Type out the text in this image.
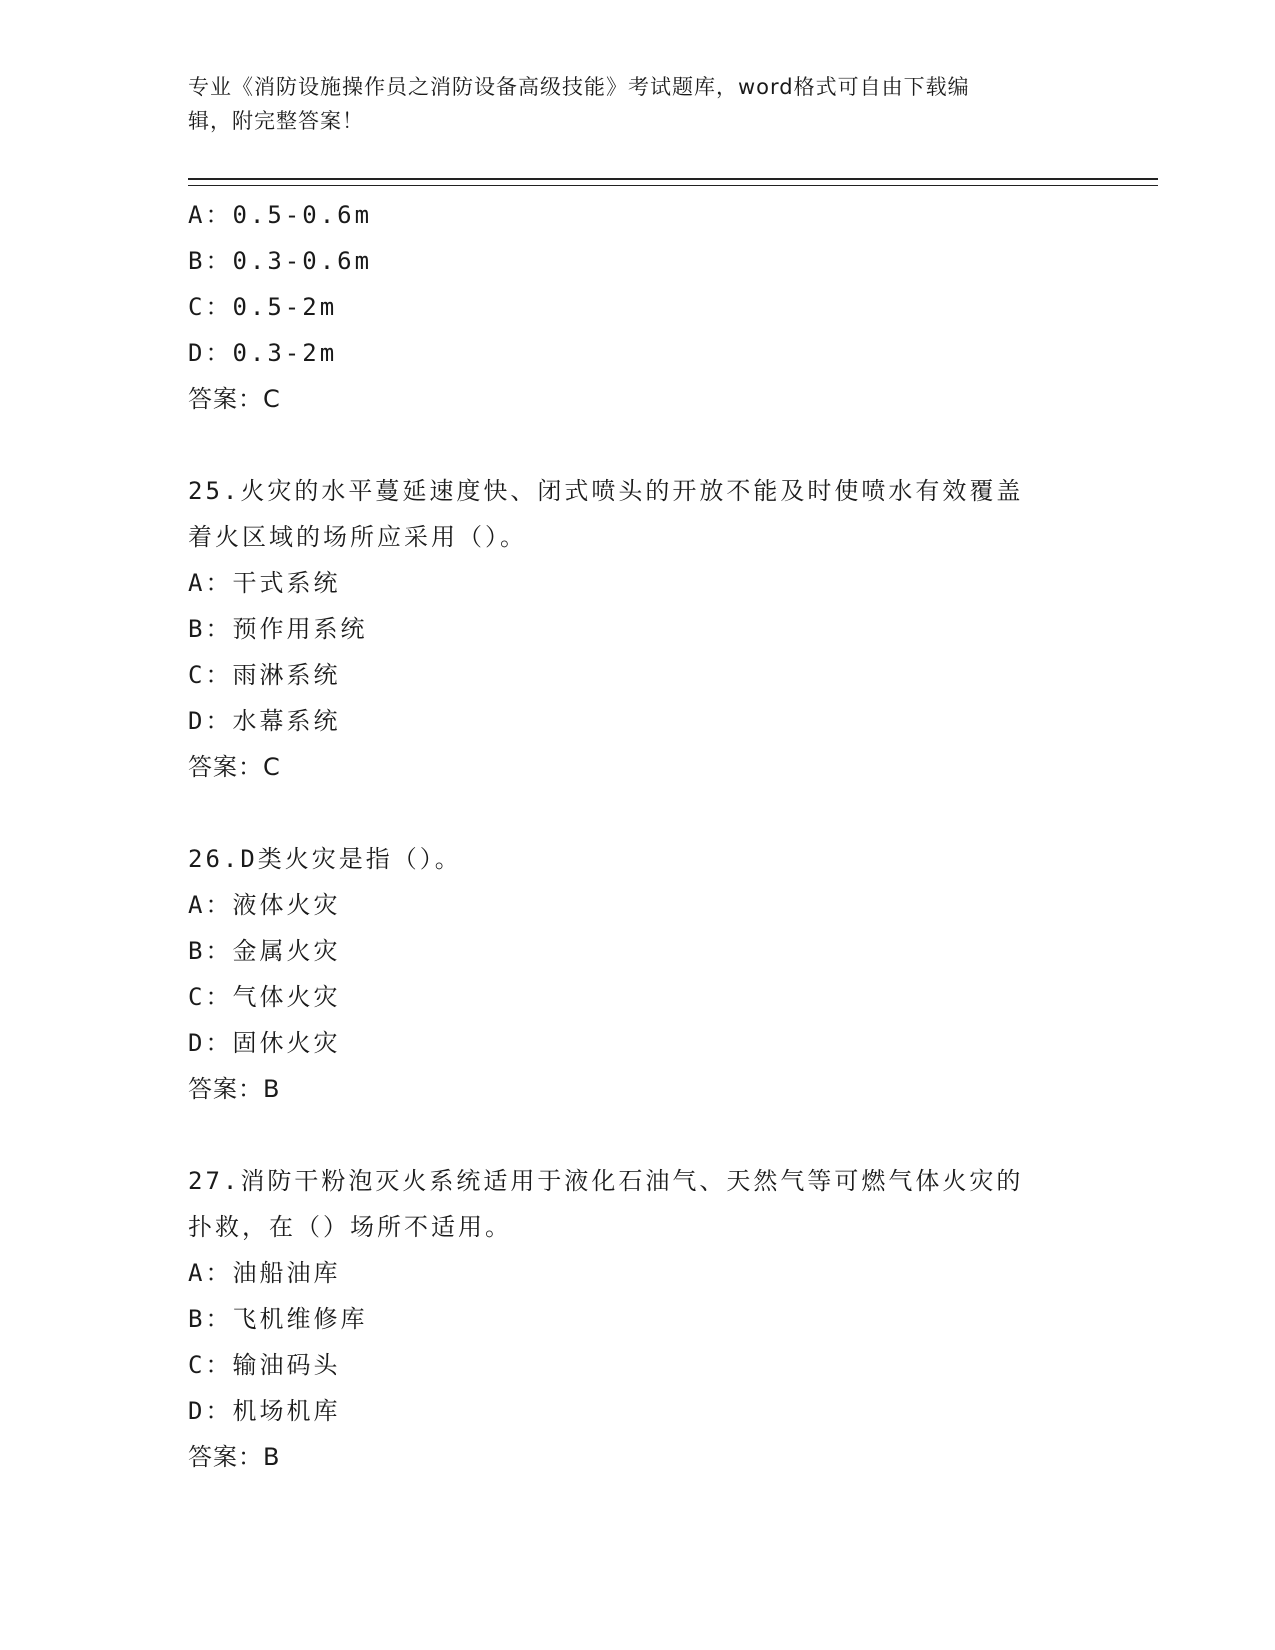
专业《消防设施操作员之消防设备高级技能》考试题库，word格式可自由下载编
辑，附完整答案！
A：0.5-0.6m
B：0.3-0.6m
C：0.5-2m
D：0.3-2m
答案：C
25.火灾的水平蔓延速度快、闭式喷头的开放不能及时使喷水有效覆盖
着火区域的场所应采用（）。
A：干式系统
B：预作用系统
C：雨淋系统
D：水幕系统
答案：C
26.D类火灾是指（）。
A：液体火灾
B：金属火灾
C：气体火灾
D：固休火灾
答案：B
27.消防干粉泡灭火系统适用于液化石油气、天然气等可燃气体火灾的
扑救，在（）场所不适用。
A：油船油库
B：飞机维修库
C：输油码头
D：机场机库
答案：B
